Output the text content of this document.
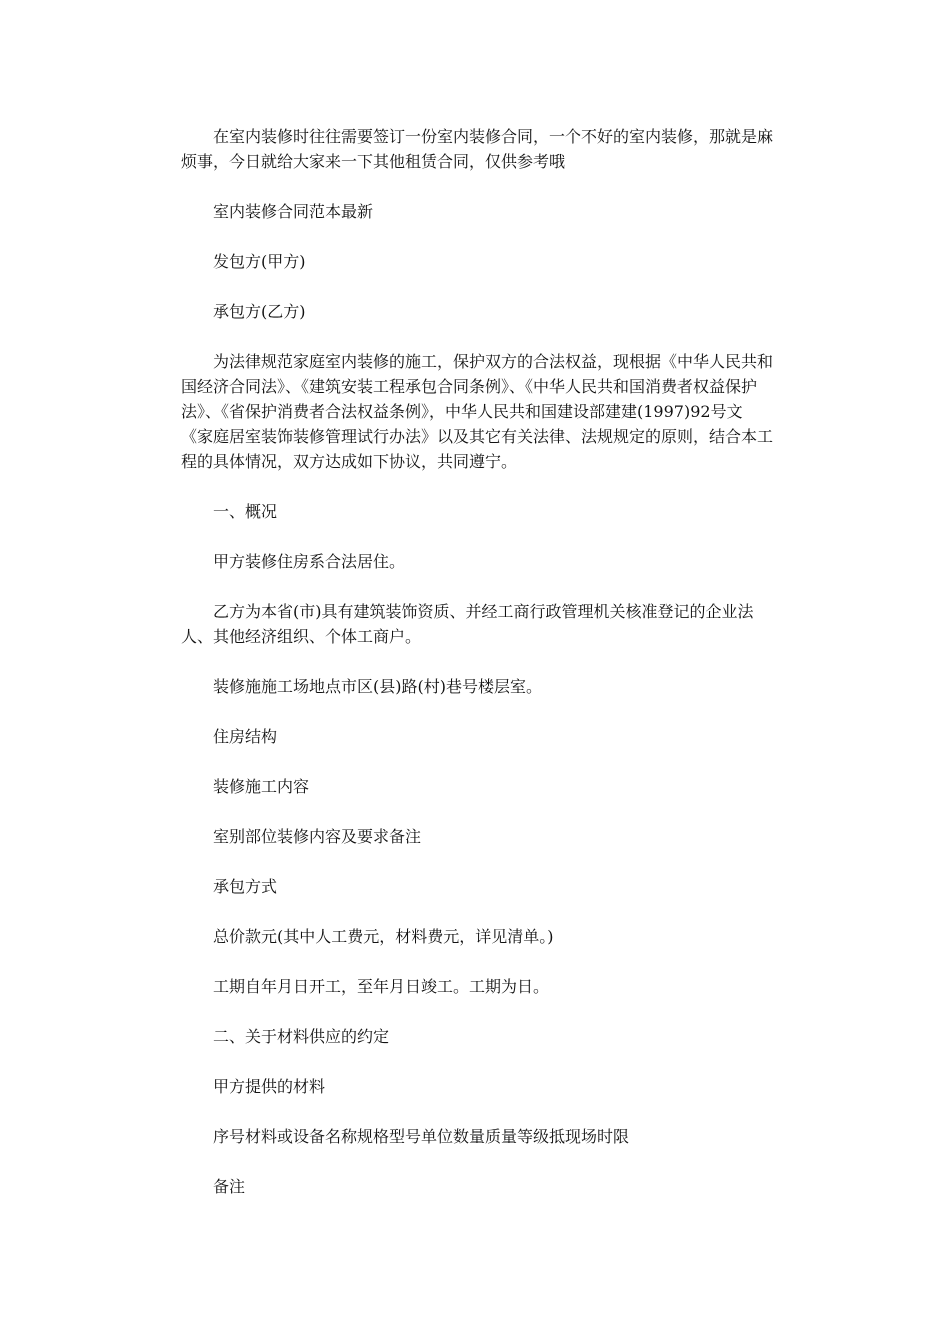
在室内装修时往往需要签订一份室内装修合同，一个不好的室内装修，那就是麻烦事，今日就给大家来一下其他租赁合同，仅供参考哦

室内装修合同范本最新

发包方(甲方)

承包方(乙方)

为法律规范家庭室内装修的施工，保护双方的合法权益，现根据《中华人民共和国经济合同法》、《建筑安装工程承包合同条例》、《中华人民共和国消费者权益保护法》、《省保护消费者合法权益条例》，中华人民共和国建设部建建(1997)92号文《家庭居室装饰装修管理试行办法》以及其它有关法律、法规规定的原则，结合本工程的具体情况，双方达成如下协议，共同遵宁。

一、概况

甲方装修住房系合法居住。

乙方为本省(市)具有建筑装饰资质、并经工商行政管理机关核准登记的企业法人、其他经济组织、个体工商户。

装修施施工场地点市区(县)路(村)巷号楼层室。

住房结构

装修施工内容

室别部位装修内容及要求备注

承包方式

总价款元(其中人工费元，材料费元，详见清单。)

工期自年月日开工，至年月日竣工。工期为日。

二、关于材料供应的约定

甲方提供的材料

序号材料或设备名称规格型号单位数量质量等级抵现场时限

备注
